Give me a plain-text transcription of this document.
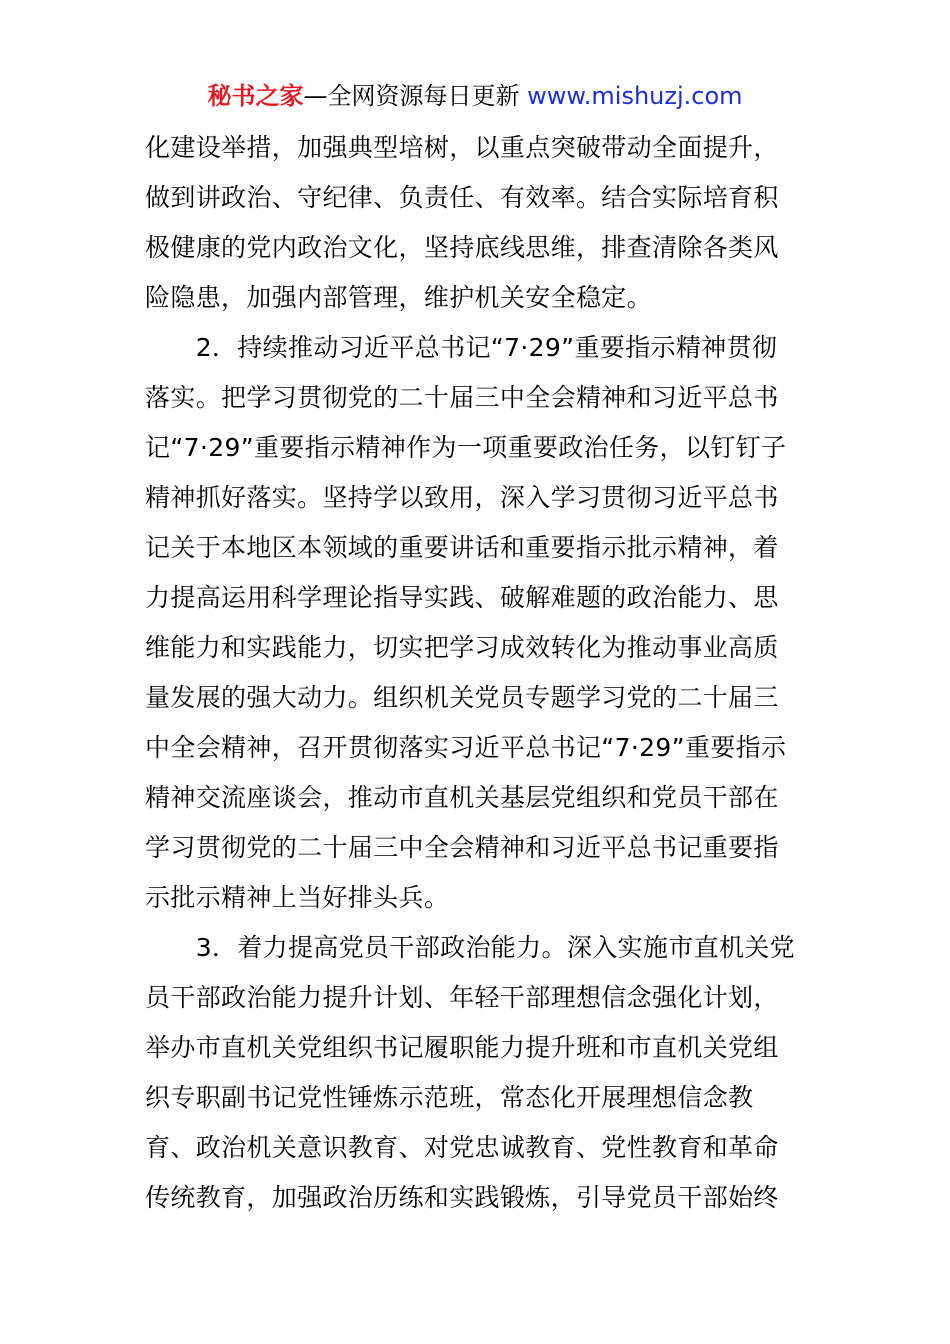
秘书之家—全网资源每日更新 www.mishuzj.com
化建设举措，加强典型培树，以重点突破带动全面提升，
做到讲政治、守纪律、负责任、有效率。结合实际培育积
极健康的党内政治文化，坚持底线思维，排查清除各类风
险隐患，加强内部管理，维护机关安全稳定。
　　2．持续推动习近平总书记“7·29”重要指示精神贯彻
落实。把学习贯彻党的二十届三中全会精神和习近平总书
记“7·29”重要指示精神作为一项重要政治任务，以钉钉子
精神抓好落实。坚持学以致用，深入学习贯彻习近平总书
记关于本地区本领域的重要讲话和重要指示批示精神，着
力提高运用科学理论指导实践、破解难题的政治能力、思
维能力和实践能力，切实把学习成效转化为推动事业高质
量发展的强大动力。组织机关党员专题学习党的二十届三
中全会精神，召开贯彻落实习近平总书记“7·29”重要指示
精神交流座谈会，推动市直机关基层党组织和党员干部在
学习贯彻党的二十届三中全会精神和习近平总书记重要指
示批示精神上当好排头兵。
　　3．着力提高党员干部政治能力。深入实施市直机关党
员干部政治能力提升计划、年轻干部理想信念强化计划，
举办市直机关党组织书记履职能力提升班和市直机关党组
织专职副书记党性锤炼示范班，常态化开展理想信念教
育、政治机关意识教育、对党忠诚教育、党性教育和革命
传统教育，加强政治历练和实践锻炼，引导党员干部始终
